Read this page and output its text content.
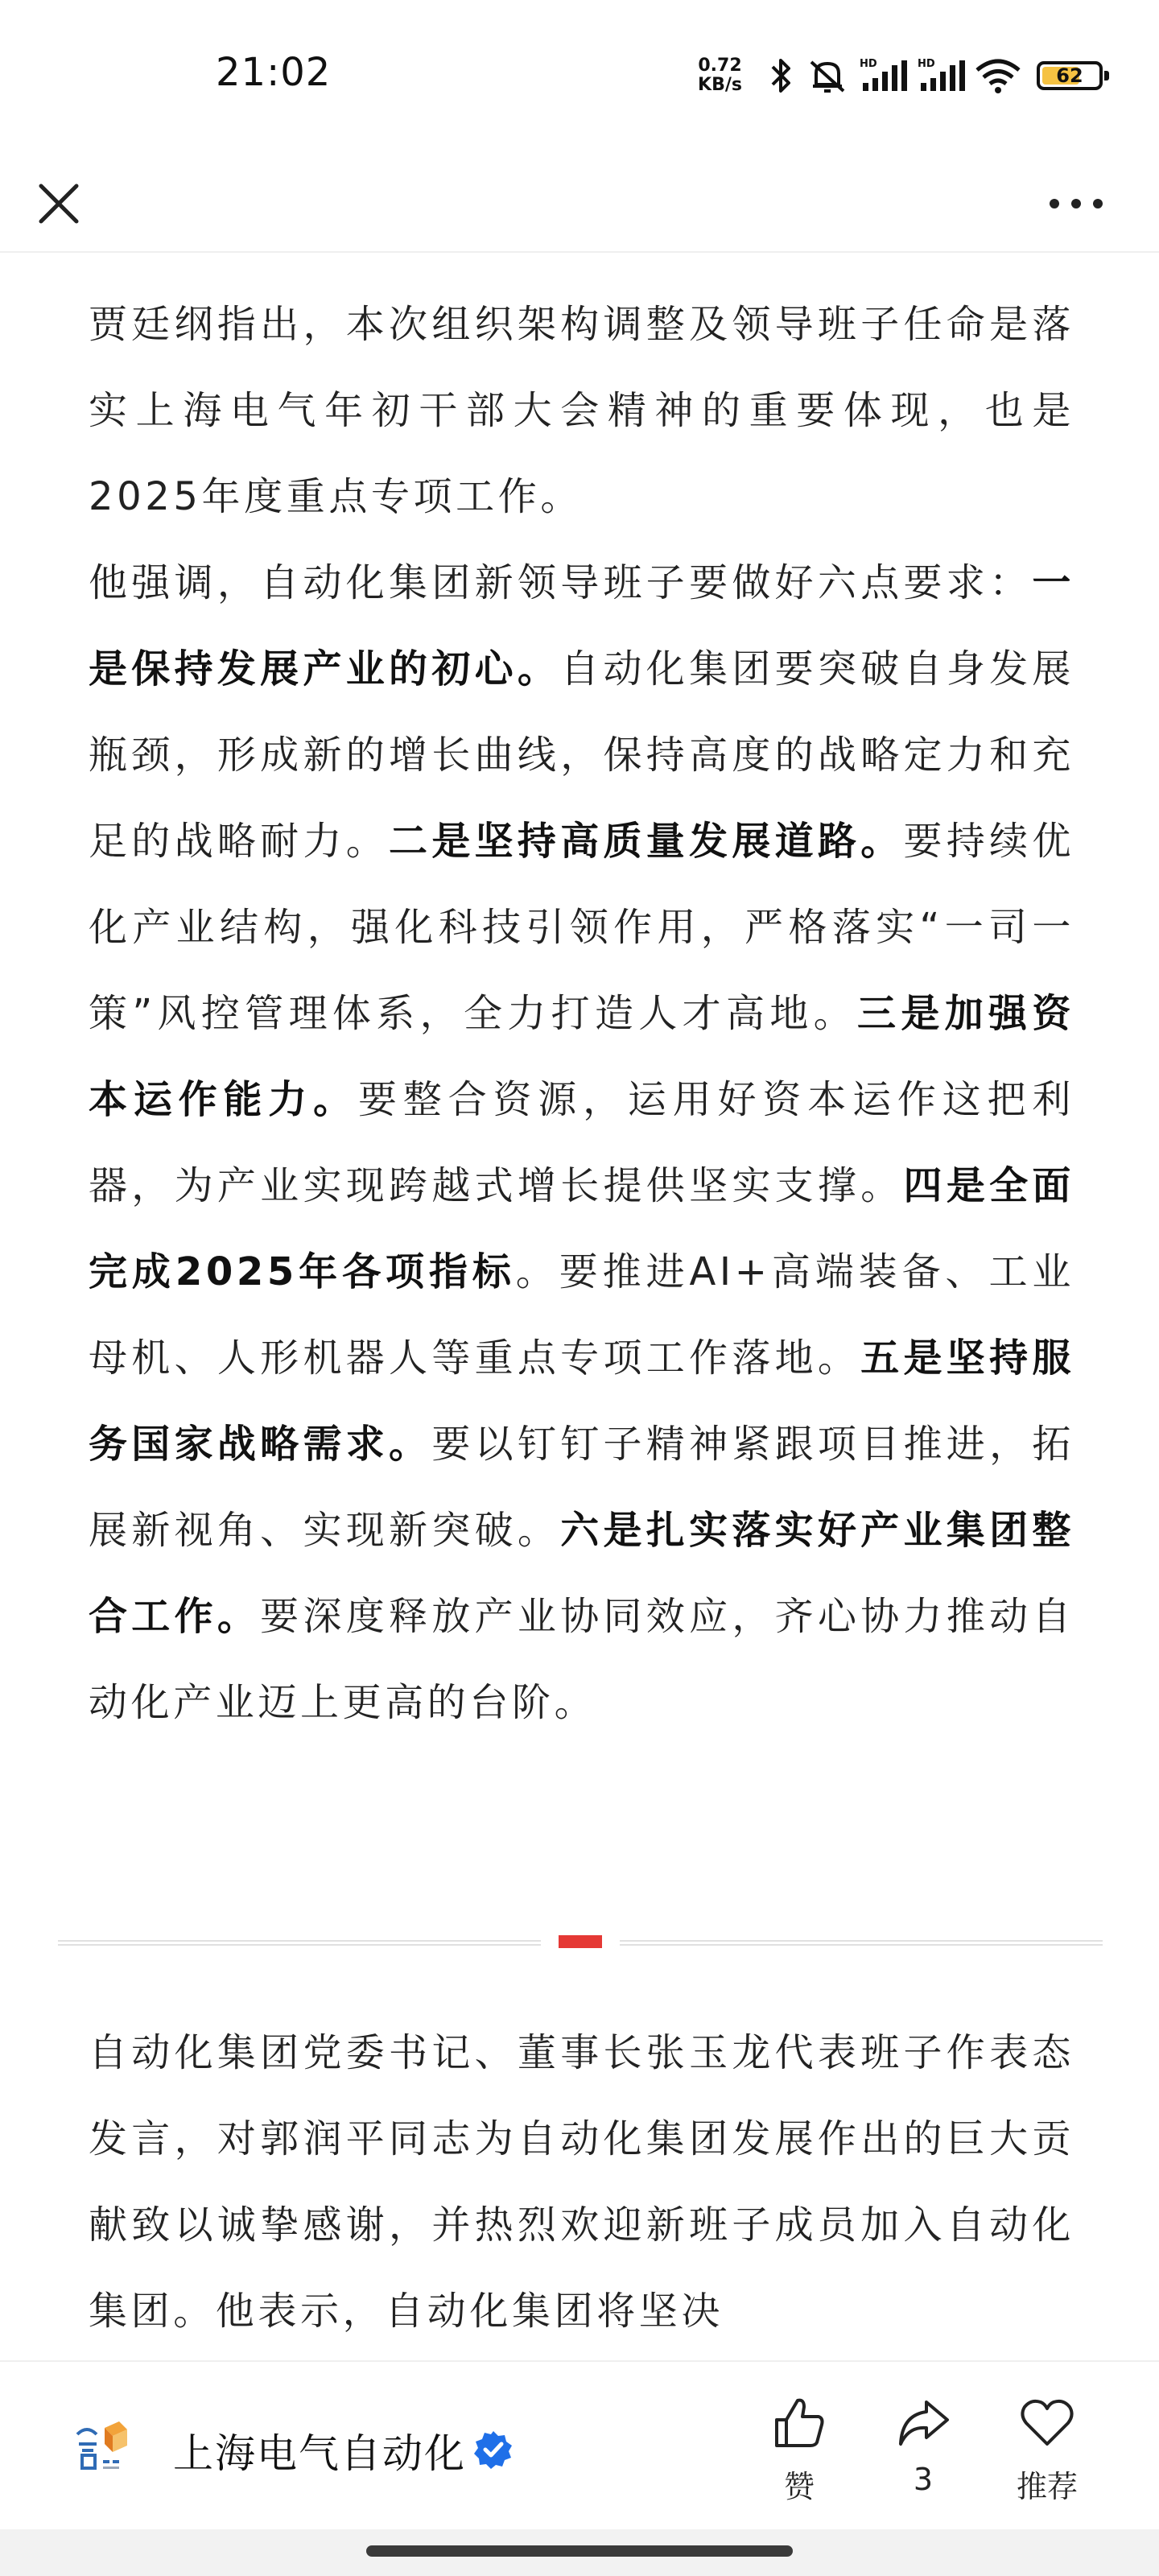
21:02	0.72
KB/s
HD	HD
62

贾廷纲指出，本次组织架构调整及领导班子任命是落实上海电气年初干部大会精神的重要体现，也是2025年度重点专项工作。

他强调，自动化集团新领导班子要做好六点要求：一是保持发展产业的初心。自动化集团要突破自身发展瓶颈，形成新的增长曲线，保持高度的战略定力和充足的战略耐力。二是坚持高质量发展道路。要持续优化产业结构，强化科技引领作用，严格落实“一司一策”风控管理体系，全力打造人才高地。三是加强资本运作能力。要整合资源，运用好资本运作这把利器，为产业实现跨越式增长提供坚实支撑。四是全面完成2025年各项指标。要推进AI+高端装备、工业母机、人形机器人等重点专项工作落地。五是坚持服务国家战略需求。要以钉钉子精神紧跟项目推进，拓展新视角、实现新突破。六是扎实落实好产业集团整合工作。要深度释放产业协同效应，齐心协力推动自动化产业迈上更高的台阶。

自动化集团党委书记、董事长张玉龙代表班子作表态发言，对郭润平同志为自动化集团发展作出的巨大贡献致以诚挚感谢，并热烈欢迎新班子成员加入自动化集团。他表示，自动化集团将坚决

上海电气自动化
赞	3	推荐
